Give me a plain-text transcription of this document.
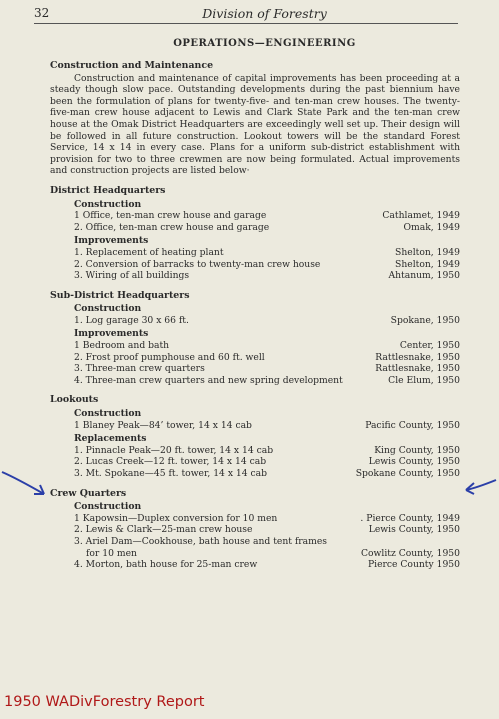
32	Division of Forestry
OPERATIONS—ENGINEERING
Construction and Maintenance
Construction and maintenance of capital improvements has been proceeding at a steady though slow pace. Outstanding developments during the past biennium have been the formulation of plans for twenty-five- and ten-man crew houses. The twenty-five-man crew house adjacent to Lewis and Clark State Park and the ten-man crew house at the Omak District Headquarters are exceedingly well set up. Their design will be followed in all future construction. Lookout towers will be the standard Forest Service, 14 x 14 in every case. Plans for a uniform sub-district establishment with provision for two to three crewmen are now being formulated. Actual improvements and construction projects are listed below·
District Headquarters
Construction
1 Office, ten-man crew house and garage	Cathlamet, 1949
2. Office, ten-man crew house and garage	Omak, 1949
Improvements
1. Replacement of heating plant	Shelton, 1949
2. Conversion of barracks to twenty-man crew house	Shelton, 1949
3. Wiring of all buildings	Ahtanum, 1950
Sub-District Headquarters
Construction
1. Log garage 30 x 66 ft.	Spokane, 1950
Improvements
1 Bedroom and bath	Center, 1950
2. Frost proof pumphouse and 60 ft. well	Rattlesnake, 1950
3. Three-man crew quarters	Rattlesnake, 1950
4. Three-man crew quarters and new spring development	Cle Elum, 1950
Lookouts
Construction
1 Blaney Peak—84’ tower, 14 x 14 cab	Pacific County, 1950
Replacements
1. Pinnacle Peak—20 ft. tower, 14 x 14 cab	King County, 1950
2. Lucas Creek—12 ft. tower, 14 x 14 cab	Lewis County, 1950
3. Mt. Spokane—45 ft. tower, 14 x 14 cab	Spokane County, 1950
Crew Quarters
Construction
1 Kapowsin—Duplex conversion for 10 men	. Pierce County, 1949
2. Lewis & Clark—25-man crew house	Lewis County, 1950
3. Ariel Dam—Cookhouse, bath house and tent frames
for 10 men	Cowlitz County, 1950
4. Morton, bath house for 25-man crew	Pierce County 1950
1950 WADivForestry Report
